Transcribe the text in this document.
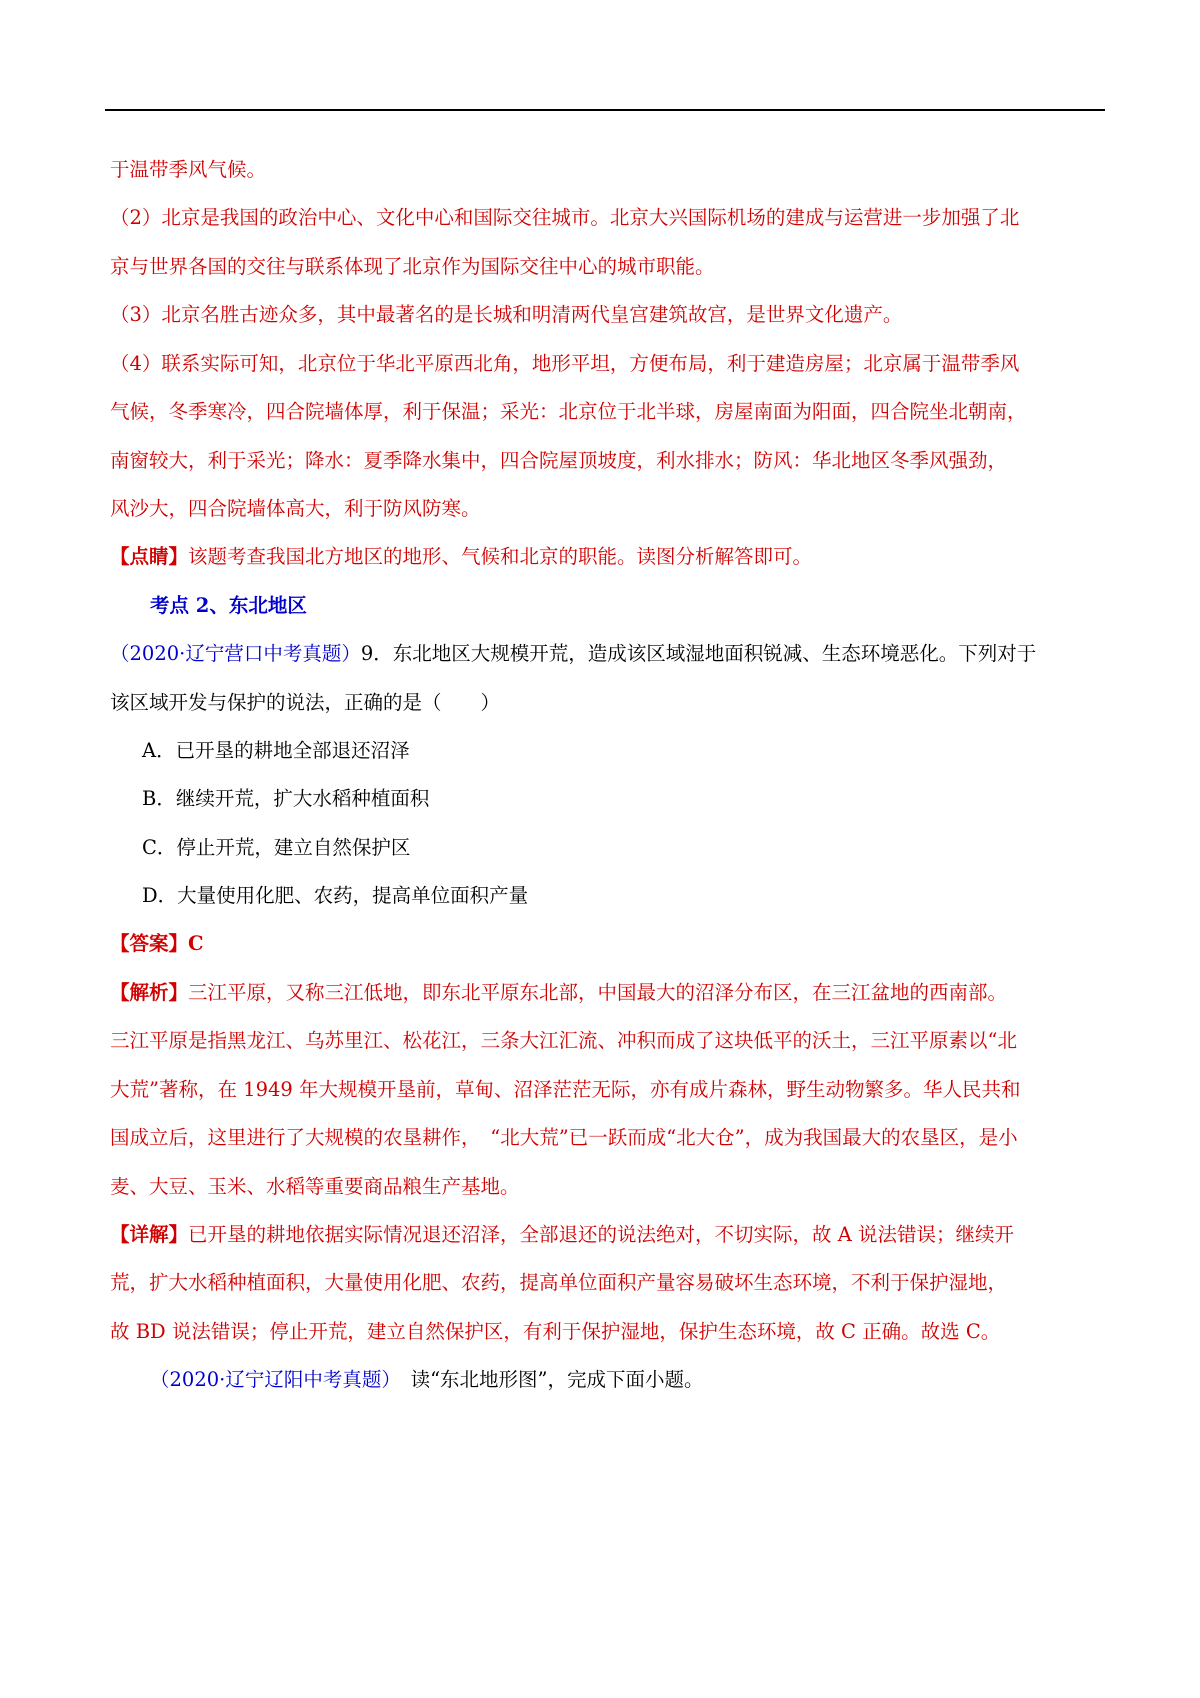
于温带季风气候。
（2）北京是我国的政治中心、文化中心和国际交往城市。北京大兴国际机场的建成与运营进一步加强了北
京与世界各国的交往与联系体现了北京作为国际交往中心的城市职能。
（3）北京名胜古迹众多，其中最著名的是长城和明清两代皇宫建筑故宫，是世界文化遗产。
（4）联系实际可知，北京位于华北平原西北角，地形平坦，方便布局，利于建造房屋；北京属于温带季风
气候，冬季寒冷，四合院墙体厚，利于保温；采光：北京位于北半球，房屋南面为阳面，四合院坐北朝南，
南窗较大，利于采光；降水：夏季降水集中，四合院屋顶坡度，利水排水；防风：华北地区冬季风强劲，
风沙大，四合院墙体高大，利于防风防寒。
【点睛】该题考查我国北方地区的地形、气候和北京的职能。读图分析解答即可。
考点 2、东北地区
（2020·辽宁营口中考真题）9．东北地区大规模开荒，造成该区域湿地面积锐减、生态环境恶化。下列对于
该区域开发与保护的说法，正确的是（　　）
A．已开垦的耕地全部退还沼泽
B．继续开荒，扩大水稻种植面积
C．停止开荒，建立自然保护区
D．大量使用化肥、农药，提高单位面积产量
【答案】C
【解析】三江平原，又称三江低地，即东北平原东北部，中国最大的沼泽分布区，在三江盆地的西南部。
三江平原是指黑龙江、乌苏里江、松花江，三条大江汇流、冲积而成了这块低平的沃土，三江平原素以“北
大荒”著称，在 1949 年大规模开垦前，草甸、沼泽茫茫无际，亦有成片森林，野生动物繁多。华人民共和
国成立后，这里进行了大规模的农垦耕作，　“北大荒”已一跃而成“北大仓”，成为我国最大的农垦区，是小
麦、大豆、玉米、水稻等重要商品粮生产基地。
【详解】已开垦的耕地依据实际情况退还沼泽，全部退还的说法绝对，不切实际，故 A 说法错误；继续开
荒，扩大水稻种植面积，大量使用化肥、农药，提高单位面积产量容易破坏生态环境，不利于保护湿地，
故 BD 说法错误；停止开荒，建立自然保护区，有利于保护湿地，保护生态环境，故 C 正确。故选 C。
（2020·辽宁辽阳中考真题）　读“东北地形图”，完成下面小题。
